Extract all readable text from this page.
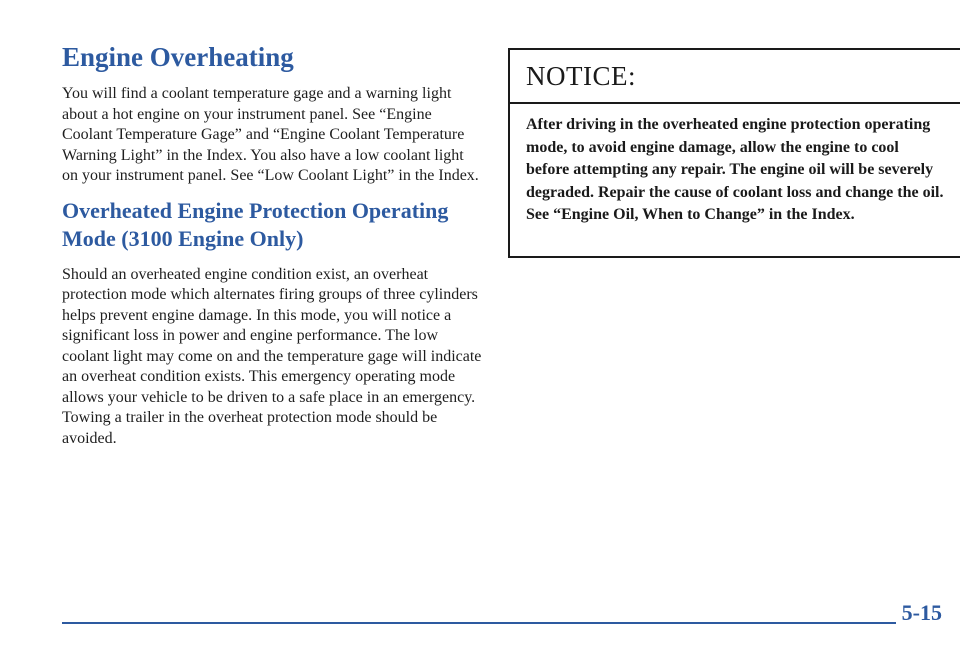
Engine Overheating

You will find a coolant temperature gage and a warning light about a hot engine on your instrument panel. See “Engine Coolant Temperature Gage” and “Engine Coolant Temperature Warning Light” in the Index. You also have a low coolant light on your instrument panel. See “Low Coolant Light” in the Index.

Overheated Engine Protection Operating Mode (3100 Engine Only)

Should an overheated engine condition exist, an overheat protection mode which alternates firing groups of three cylinders helps prevent engine damage. In this mode, you will notice a significant loss in power and engine performance. The low coolant light may come on and the temperature gage will indicate an overheat condition exists. This emergency operating mode allows your vehicle to be driven to a safe place in an emergency. Towing a trailer in the overheat protection mode should be avoided.

NOTICE:
After driving in the overheated engine protection operating mode, to avoid engine damage, allow the engine to cool before attempting any repair. The engine oil will be severely degraded. Repair the cause of coolant loss and change the oil. See “Engine Oil, When to Change” in the Index.
5-15
